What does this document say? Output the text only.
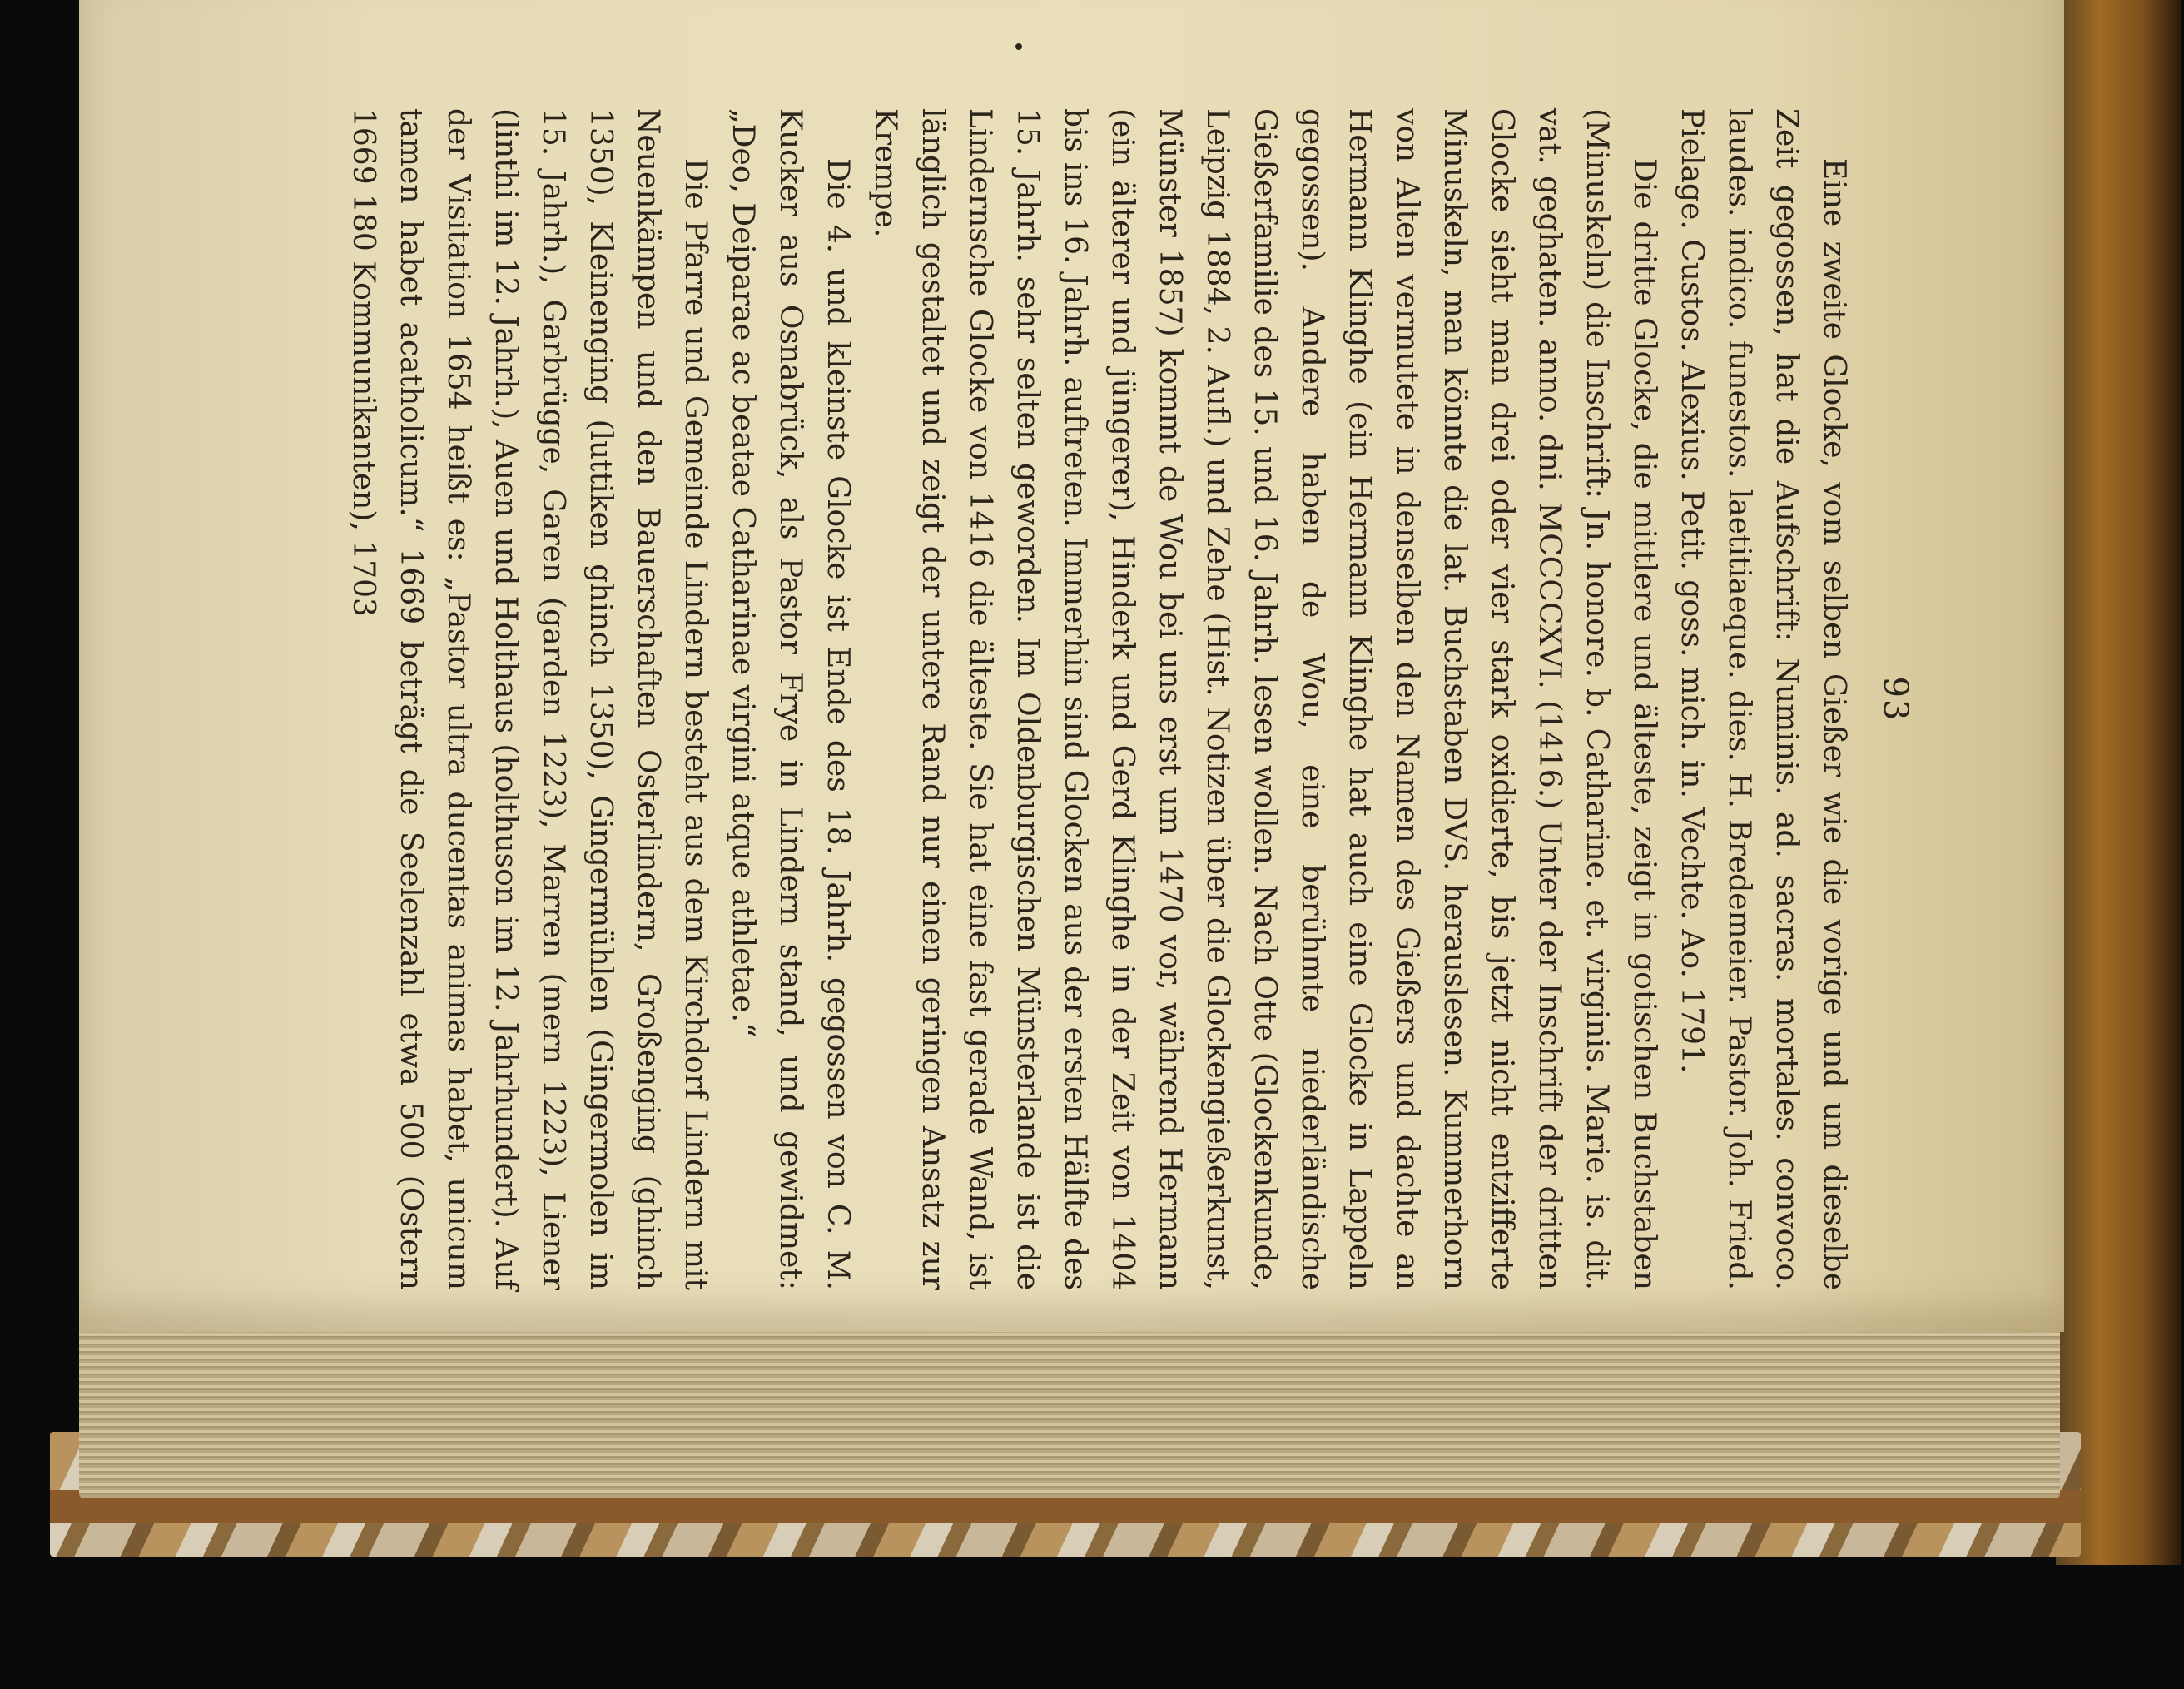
93

Eine zweite Glocke, vom selben Gießer wie die vorige und um dieselbe Zeit gegossen, hat die Aufschrift: Numinis. ad. sacras. mortales. convoco. laudes. indico. funestos. laetitiaeque. dies. H. Bredemeier. Pastor. Joh. Fried. Pielage. Custos. Alexius. Petit. goss. mich. in. Vechte. Ao. 1791.

Die dritte Glocke, die mittlere und älteste, zeigt in gotischen Buchstaben (Minuskeln) die Inschrift: Jn. honore. b. Catharine. et. virginis. Marie. is. dit. vat. geghaten. anno. dni. MCCCCXVI. (1416.) Unter der Inschrift der dritten Glocke sieht man drei oder vier stark oxidierte, bis jetzt nicht entzifferte Minuskeln, man könnte die lat. Buchstaben DVS. herauslesen. Kummerhorn von Alten vermutete in denselben den Namen des Gießers und dachte an Hermann Klinghe (ein Hermann Klinghe hat auch eine Glocke in Lappeln gegossen). Andere haben de Wou, eine berühmte niederländische Gießerfamilie des 15. und 16. Jahrh. lesen wollen. Nach Otte (Glockenkunde, Leipzig 1884, 2. Aufl.) und Zehe (Hist. Notizen über die Glockengießerkunst, Münster 1857) kommt de Wou bei uns erst um 1470 vor, während Hermann (ein älterer und jüngerer), Hinderk und Gerd Klinghe in der Zeit von 1404 bis ins 16. Jahrh. auftreten. Immerhin sind Glocken aus der ersten Hälfte des 15. Jahrh. sehr selten geworden. Im Oldenburgischen Münsterlande ist die Lindernsche Glocke von 1416 die älteste. Sie hat eine fast gerade Wand, ist länglich gestaltet und zeigt der untere Rand nur einen geringen Ansatz zur Krempe.

Die 4. und kleinste Glocke ist Ende des 18. Jahrh. gegossen von C. M. Kucker aus Osnabrück, als Pastor Frye in Lindern stand, und gewidmet: „Deo, Deiparae ac beatae Catharinae virgini atque athletae.“

Die Pfarre und Gemeinde Lindern besteht aus dem Kirchdorf Lindern mit Neuenkämpen und den Bauerschaften Osterlindern, Großenging (ghinch 1350), Kleinenging (luttiken ghinch 1350), Gingermühlen (Gingermolen im 15. Jahrh.), Garbrügge, Garen (garden 1223), Marren (mern 1223), Liener (linthi im 12. Jahrh.), Auen und Holthaus (holthuson im 12. Jahrhundert). Auf der Visitation 1654 heißt es: „Pastor ultra ducentas animas habet, unicum tamen habet acatholicum.“ 1669 beträgt die Seelenzahl etwa 500 (Ostern 1669 180 Kommunikanten), 1703
